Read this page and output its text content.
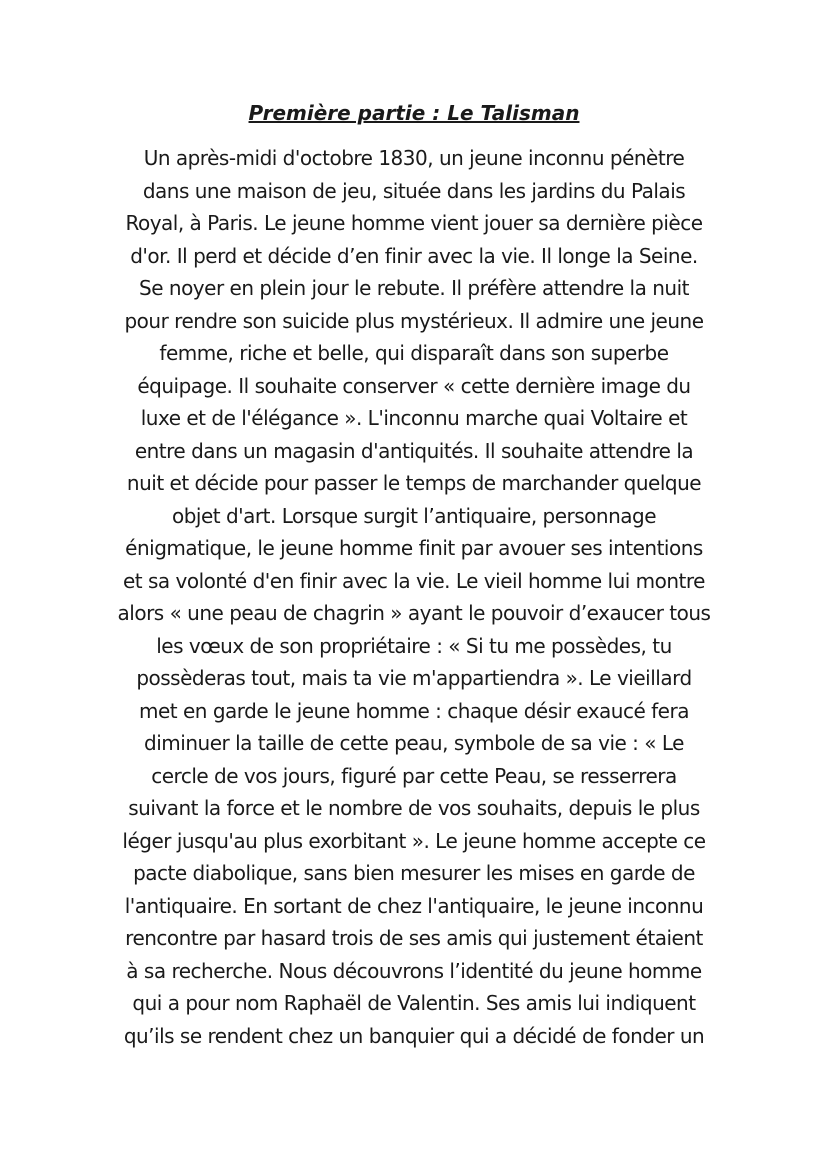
Première partie : Le Talisman
Un après-midi d'octobre 1830, un jeune inconnu pénètre
dans une maison de jeu, située dans les jardins du Palais
Royal, à Paris. Le jeune homme vient jouer sa dernière pièce
d'or. Il perd et décide d’en finir avec la vie. Il longe la Seine.
Se noyer en plein jour le rebute. Il préfère attendre la nuit
pour rendre son suicide plus mystérieux. Il admire une jeune
femme, riche et belle, qui disparaît dans son superbe
équipage. Il souhaite conserver « cette dernière image du
luxe et de l'élégance ». L'inconnu marche quai Voltaire et
entre dans un magasin d'antiquités. Il souhaite attendre la
nuit et décide pour passer le temps de marchander quelque
objet d'art. Lorsque surgit l’antiquaire, personnage
énigmatique, le jeune homme finit par avouer ses intentions
et sa volonté d'en finir avec la vie. Le vieil homme lui montre
alors « une peau de chagrin » ayant le pouvoir d’exaucer tous
les vœux de son propriétaire : « Si tu me possèdes, tu
possèderas tout, mais ta vie m'appartiendra ». Le vieillard
met en garde le jeune homme : chaque désir exaucé fera
diminuer la taille de cette peau, symbole de sa vie : « Le
cercle de vos jours, figuré par cette Peau, se resserrera
suivant la force et le nombre de vos souhaits, depuis le plus
léger jusqu'au plus exorbitant ». Le jeune homme accepte ce
pacte diabolique, sans bien mesurer les mises en garde de
l'antiquaire. En sortant de chez l'antiquaire, le jeune inconnu
rencontre par hasard trois de ses amis qui justement étaient
à sa recherche. Nous découvrons l’identité du jeune homme
qui a pour nom Raphaël de Valentin. Ses amis lui indiquent
qu’ils se rendent chez un banquier qui a décidé de fonder un
